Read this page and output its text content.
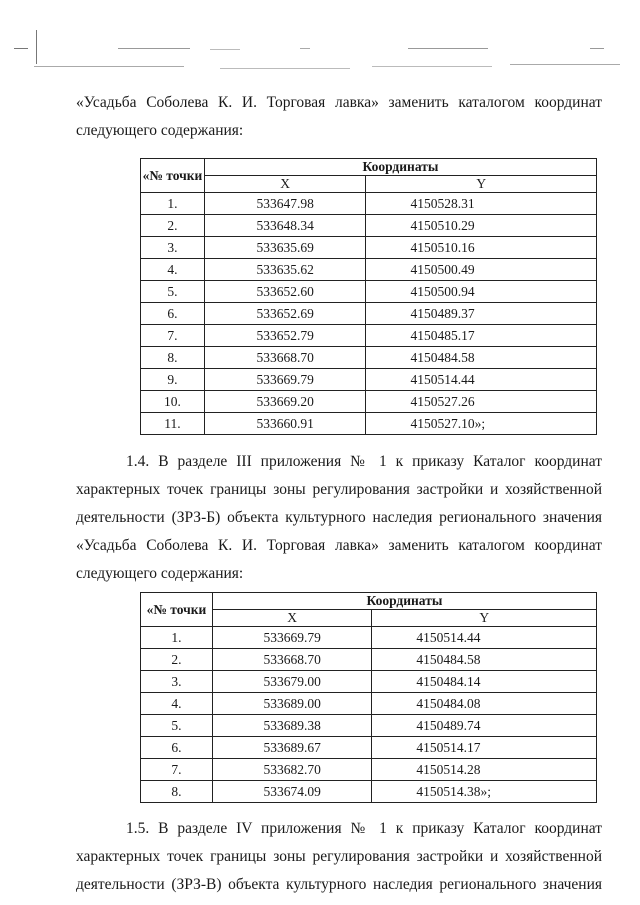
«Усадьба Соболева К. И. Торговая лавка» заменить каталогом координат
следующего содержания:
«№ точки	Координаты	
	X	Y
1.	533647.98	4150528.31
2.	533648.34	4150510.29
3.	533635.69	4150510.16
4.	533635.62	4150500.49
5.	533652.60	4150500.94
6.	533652.69	4150489.37
7.	533652.79	4150485.17
8.	533668.70	4150484.58
9.	533669.79	4150514.44
10.	533669.20	4150527.26
11.	533660.91	4150527.10»;
1.4. В разделе III приложения № 1 к приказу Каталог координат
характерных точек границы зоны регулирования застройки и хозяйственной
деятельности (ЗРЗ-Б) объекта культурного наследия регионального значения
«Усадьба Соболева К. И. Торговая лавка» заменить каталогом координат
следующего содержания:
«№ точки	Координаты	
	X	Y
1.	533669.79	4150514.44
2.	533668.70	4150484.58
3.	533679.00	4150484.14
4.	533689.00	4150484.08
5.	533689.38	4150489.74
6.	533689.67	4150514.17
7.	533682.70	4150514.28
8.	533674.09	4150514.38»;
1.5. В разделе IV приложения № 1 к приказу Каталог координат
характерных точек границы зоны регулирования застройки и хозяйственной
деятельности (ЗРЗ-В) объекта культурного наследия регионального значения
